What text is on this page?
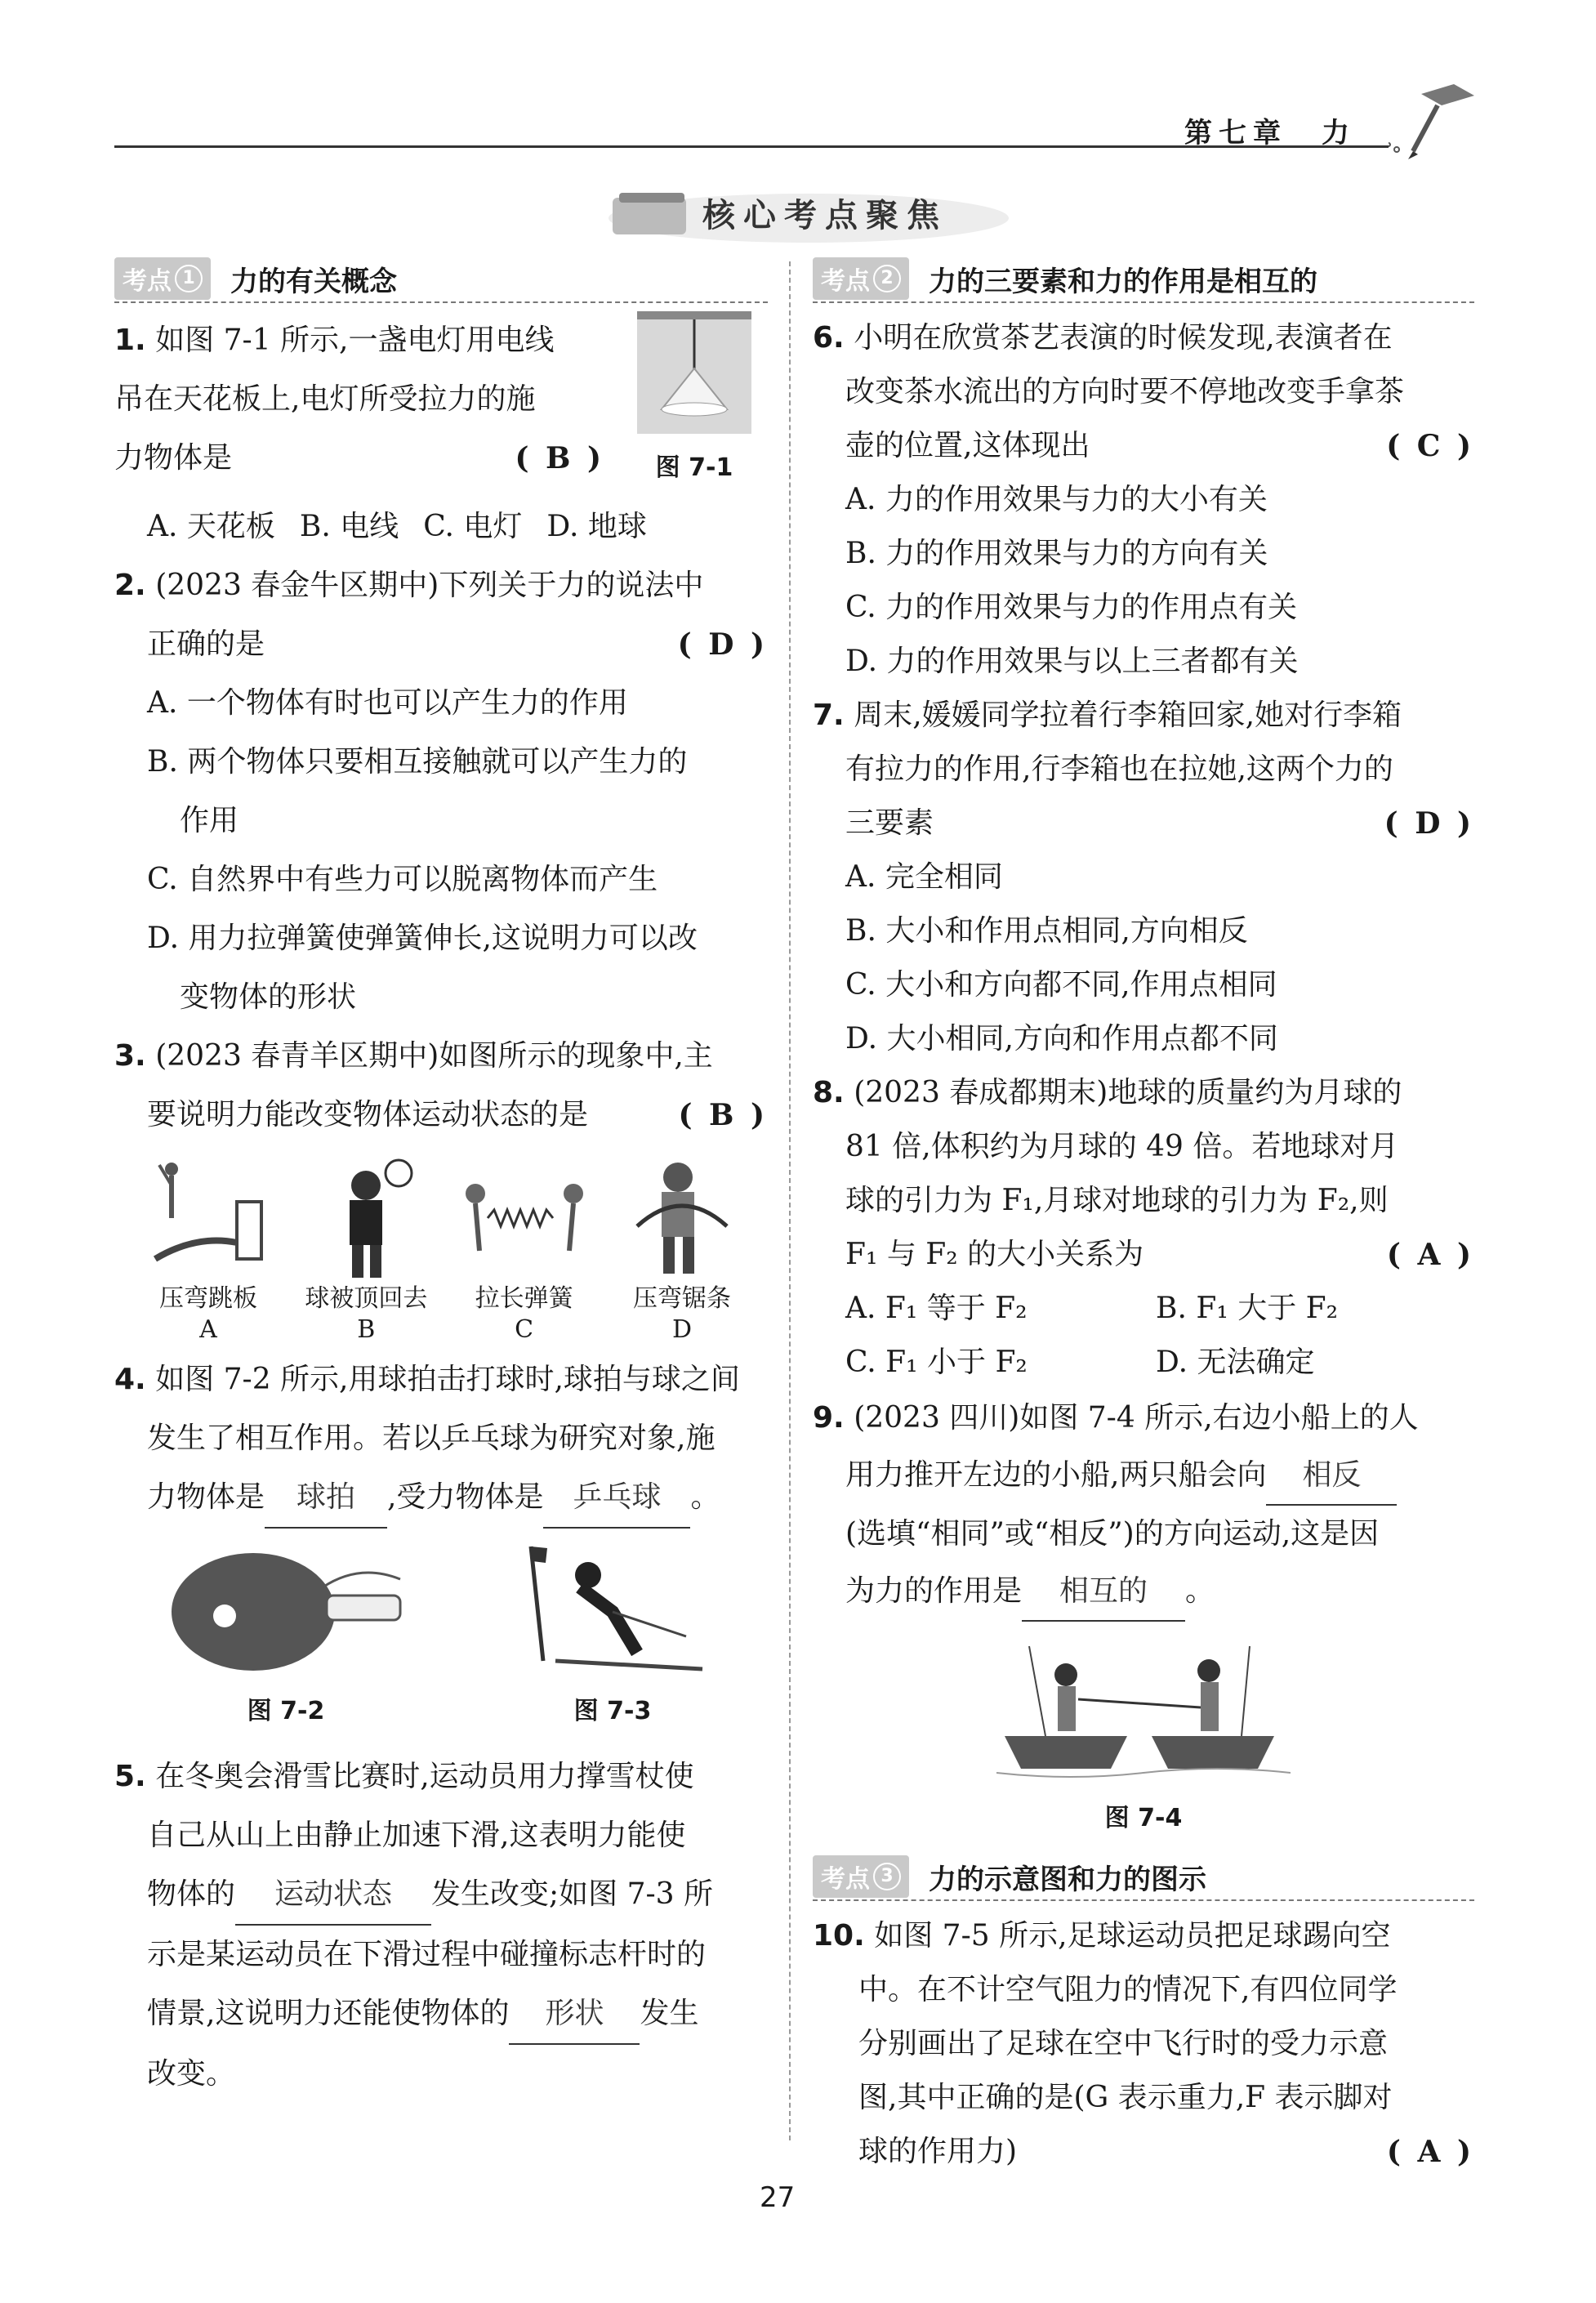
第七章　力
核心考点聚焦
考点 1 力的有关概念
1. 如图 7-1 所示,一盏电灯用电线
吊在天花板上,电灯所受拉力的施
力物体是	( B ) 图 7-1
A. 天花板 B. 电线 C. 电灯 D. 地球
2. (2023 春金牛区期中)下列关于力的说法中
正确的是	( D )
A. 一个物体有时也可以产生力的作用
B. 两个物体只要相互接触就可以产生力的
作用
C. 自然界中有些力可以脱离物体而产生
D. 用力拉弹簧使弹簧伸长,这说明力可以改
变物体的形状
3. (2023 春青羊区期中)如图所示的现象中,主
要说明力能改变物体运动状态的是	( B )
压弯跳板
A
球被顶回去
B
拉长弹簧
C
压弯锯条
D
4. 如图 7-2 所示,用球拍击打球时,球拍与球之间
发生了相互作用。若以乒乓球为研究对象,施
力物体是 球拍 ,受力物体是 乒乓球 。
图 7-2	图 7-3
5. 在冬奥会滑雪比赛时,运动员用力撑雪杖使
自己从山上由静止加速下滑,这表明力能使
物体的 运动状态 发生改变;如图 7-3 所
示是某运动员在下滑过程中碰撞标志杆时的
情景,这说明力还能使物体的 形状 发生
改变。
考点 2 力的三要素和力的作用是相互的
6. 小明在欣赏茶艺表演的时候发现,表演者在
改变茶水流出的方向时要不停地改变手拿茶
壶的位置,这体现出	( C )
A. 力的作用效果与力的大小有关
B. 力的作用效果与力的方向有关
C. 力的作用效果与力的作用点有关
D. 力的作用效果与以上三者都有关
7. 周末,媛媛同学拉着行李箱回家,她对行李箱
有拉力的作用,行李箱也在拉她,这两个力的
三要素	( D )
A. 完全相同
B. 大小和作用点相同,方向相反
C. 大小和方向都不同,作用点相同
D. 大小相同,方向和作用点都不同
8. (2023 春成都期末)地球的质量约为月球的
81 倍,体积约为月球的 49 倍。若地球对月
球的引力为 F₁,月球对地球的引力为 F₂,则
F₁ 与 F₂ 的大小关系为	( A )
A. F₁ 等于 F₂	B. F₁ 大于 F₂
C. F₁ 小于 F₂	D. 无法确定
9. (2023 四川)如图 7-4 所示,右边小船上的人
用力推开左边的小船,两只船会向 相反
(选填“相同”或“相反”)的方向运动,这是因
为力的作用是 相互的 。
图 7-4
考点 3 力的示意图和力的图示
10. 如图 7-5 所示,足球运动员把足球踢向空
中。在不计空气阻力的情况下,有四位同学
分别画出了足球在空中飞行时的受力示意
图,其中正确的是(G 表示重力,F 表示脚对
球的作用力)	( A )
27
